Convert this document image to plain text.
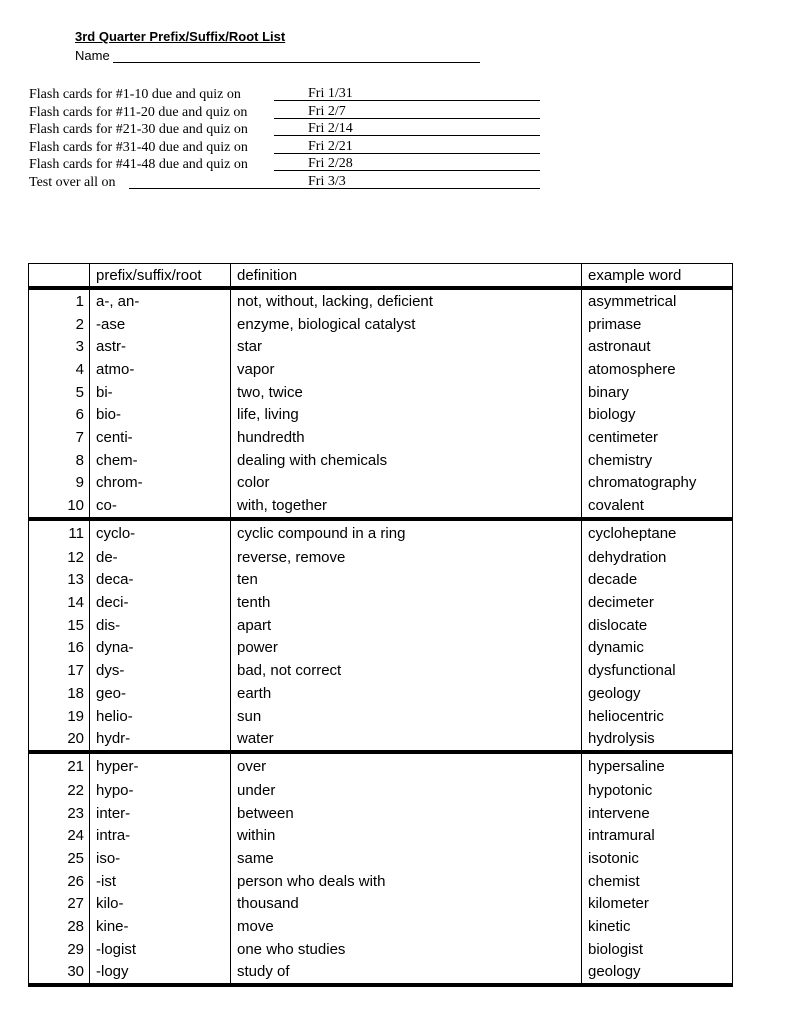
3rd Quarter Prefix/Suffix/Root List
Name
Flash cards for #1-10 due and quiz on	Fri 1/31
Flash cards for #11-20 due and quiz on	Fri 2/7
Flash cards for #21-30 due and quiz on	Fri 2/14
Flash cards for #31-40 due and quiz on	Fri 2/21
Flash cards for #41-48 due and quiz on	Fri 2/28
Test over all on	Fri 3/3
	prefix/suffix/root	definition	example word
1	a-, an-	not, without, lacking, deficient	asymmetrical
2	-ase	enzyme, biological catalyst	primase
3	astr-	star	astronaut
4	atmo-	vapor	atomosphere
5	bi-	two, twice	binary
6	bio-	life, living	biology
7	centi-	hundredth	centimeter
8	chem-	dealing with chemicals	chemistry
9	chrom-	color	chromatography
10	co-	with, together	covalent
11	cyclo-	cyclic compound in a ring	cycloheptane
12	de-	reverse, remove	dehydration
13	deca-	ten	decade
14	deci-	tenth	decimeter
15	dis-	apart	dislocate
16	dyna-	power	dynamic
17	dys-	bad, not correct	dysfunctional
18	geo-	earth	geology
19	helio-	sun	heliocentric
20	hydr-	water	hydrolysis
21	hyper-	over	hypersaline
22	hypo-	under	hypotonic
23	inter-	between	intervene
24	intra-	within	intramural
25	iso-	same	isotonic
26	-ist	person who deals with	chemist
27	kilo-	thousand	kilometer
28	kine-	move	kinetic
29	-logist	one who studies	biologist
30	-logy	study of	geology
